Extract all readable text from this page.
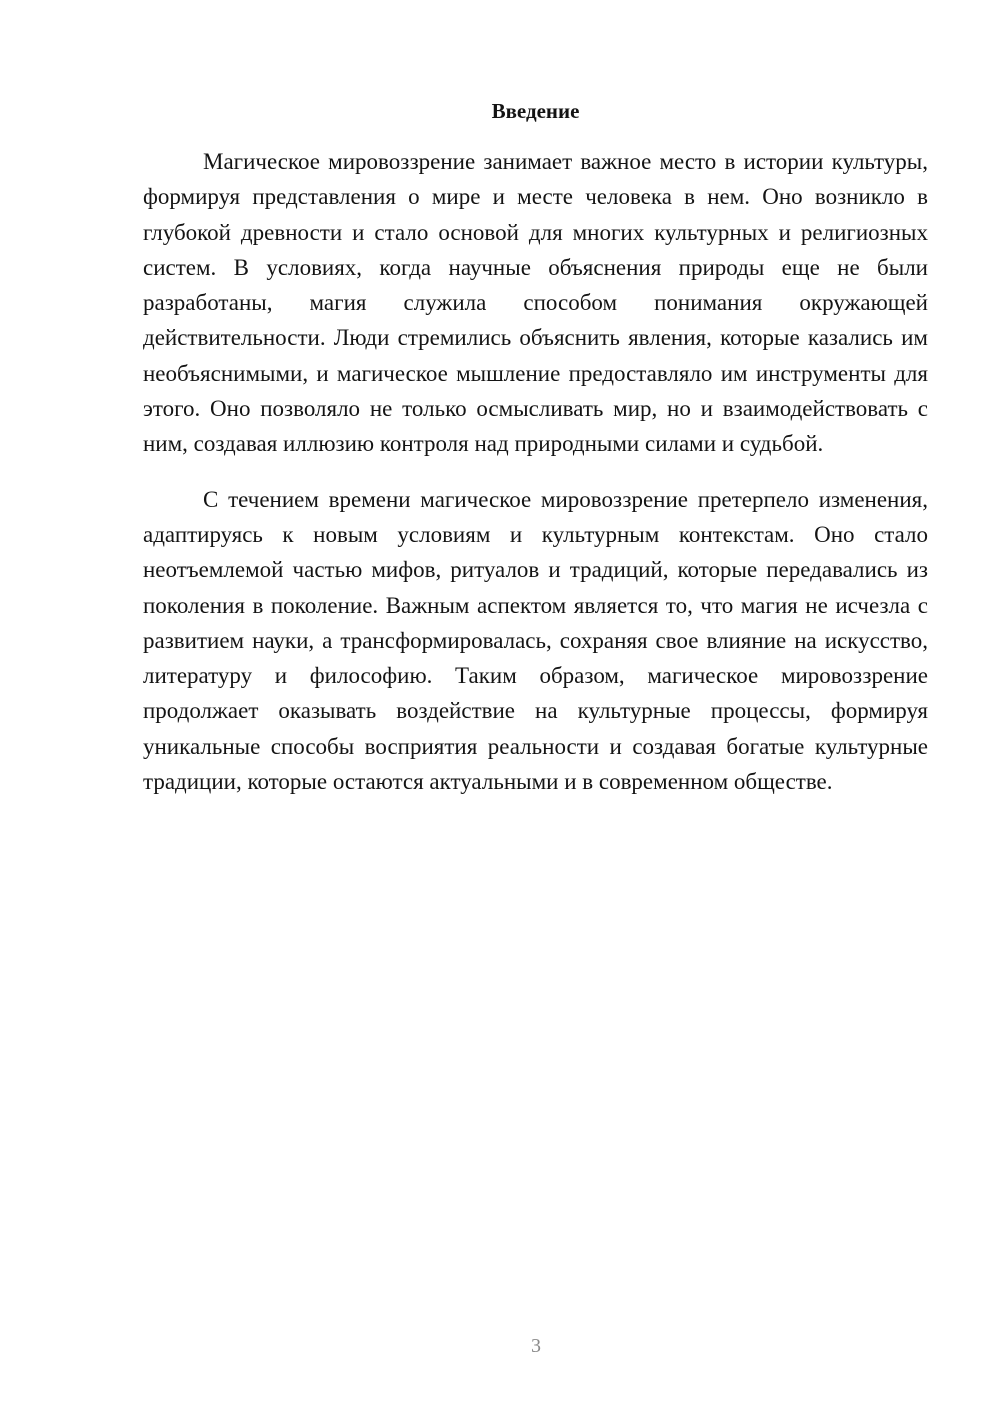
Введение

Магическое мировоззрение занимает важное место в истории культуры, формируя представления о мире и месте человека в нем. Оно возникло в глубокой древности и стало основой для многих культурных и религиозных систем. В условиях, когда научные объяснения природы еще не были разработаны, магия служила способом понимания окружающей действительности. Люди стремились объяснить явления, которые казались им необъяснимыми, и магическое мышление предоставляло им инструменты для этого. Оно позволяло не только осмысливать мир, но и взаимодействовать с ним, создавая иллюзию контроля над природными силами и судьбой.

С течением времени магическое мировоззрение претерпело изменения, адаптируясь к новым условиям и культурным контекстам. Оно стало неотъемлемой частью мифов, ритуалов и традиций, которые передавались из поколения в поколение. Важным аспектом является то, что магия не исчезла с развитием науки, а трансформировалась, сохраняя свое влияние на искусство, литературу и философию. Таким образом, магическое мировоззрение продолжает оказывать воздействие на культурные процессы, формируя уникальные способы восприятия реальности и создавая богатые культурные традиции, которые остаются актуальными и в современном обществе.

3
